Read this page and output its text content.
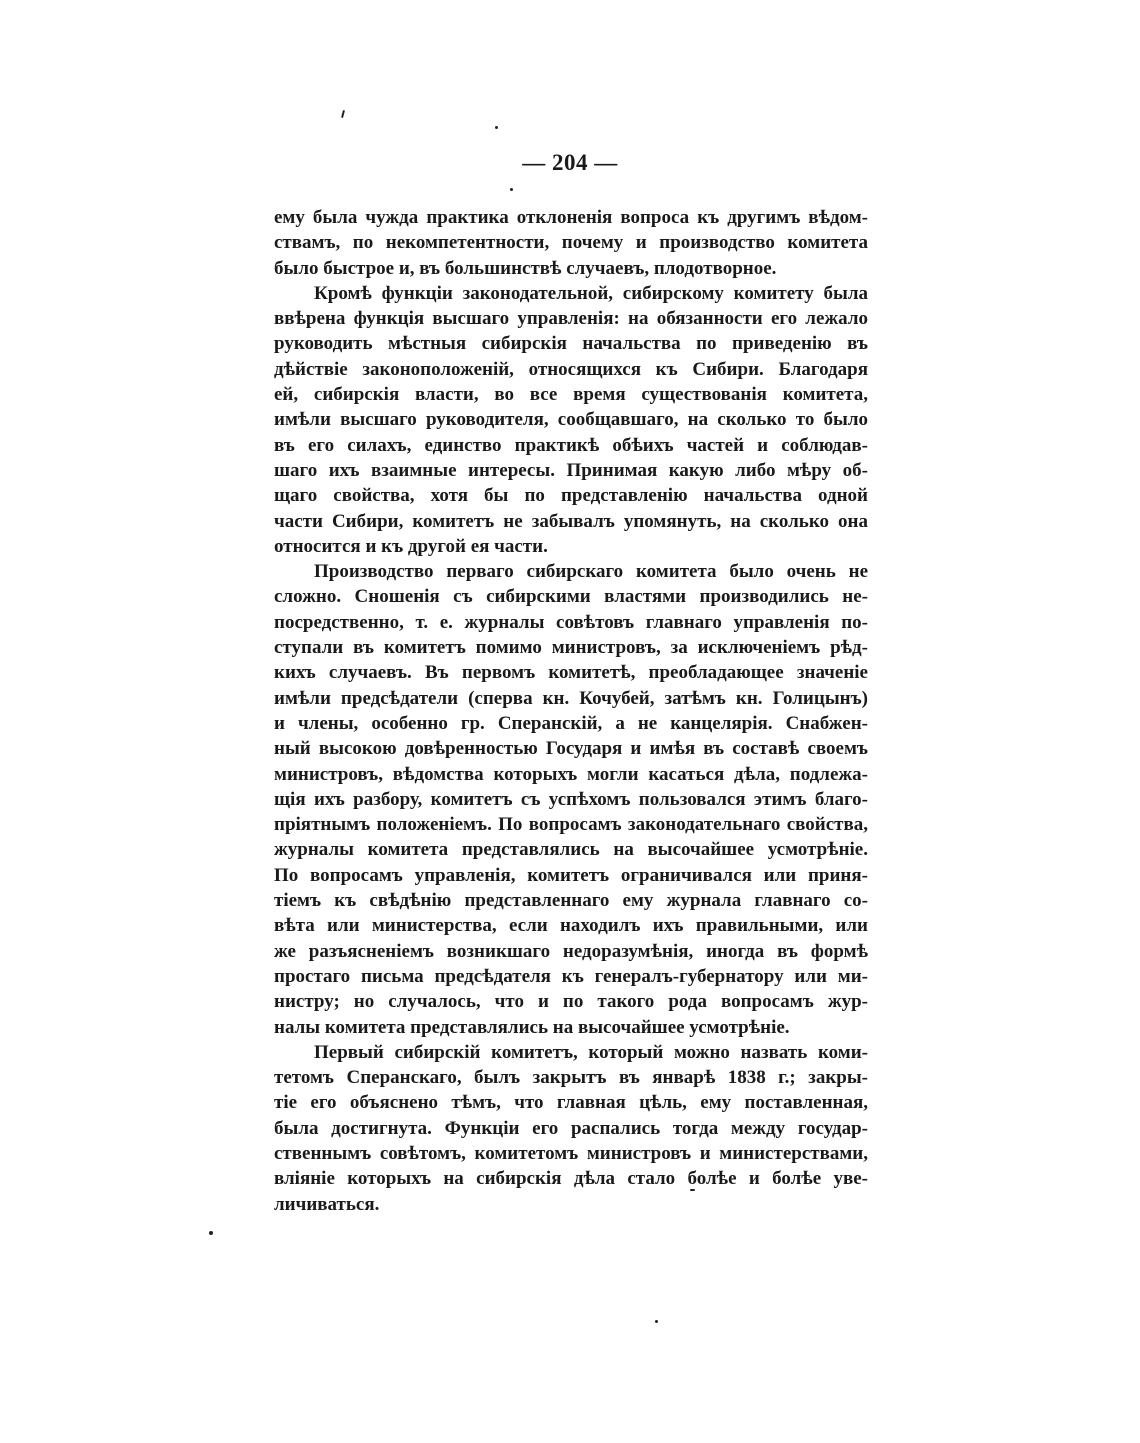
— 204 —
ему была чужда практика отклоненія вопроса къ другимъ вѣдом-
ствамъ, по некомпетентности, почему и производство комитета
было быстрое и, въ большинствѣ случаевъ, плодотворное.
Кромѣ функціи законодательной, сибирскому комитету была
ввѣрена функція высшаго управленія: на обязанности его лежало
руководить мѣстныя сибирскія начальства по приведенію въ
дѣйствіе законоположеній, относящихся къ Сибири. Благодаря
ей, сибирскія власти, во все время существованія комитета,
имѣли высшаго руководителя, сообщавшаго, на сколько то было
въ его силахъ, единство практикѣ обѣихъ частей и соблюдав-
шаго ихъ взаимные интересы. Принимая какую либо мѣру об-
щаго свойства, хотя бы по представленію начальства одной
части Сибири, комитетъ не забывалъ упомянуть, на сколько она
относится и къ другой ея части.
Производство перваго сибирскаго комитета было очень не
сложно. Сношенія съ сибирскими властями производились не-
посредственно, т. е. журналы совѣтовъ главнаго управленія по-
ступали въ комитетъ помимо министровъ, за исключеніемъ рѣд-
кихъ случаевъ. Въ первомъ комитетѣ, преобладающее значеніе
имѣли предсѣдатели (сперва кн. Кочубей, затѣмъ кн. Голицынъ)
и члены, особенно гр. Сперанскій, а не канцелярія. Снабжен-
ный высокою довѣренностью Государя и имѣя въ составѣ своемъ
министровъ, вѣдомства которыхъ могли касаться дѣла, подлежа-
щія ихъ разбору, комитетъ съ успѣхомъ пользовался этимъ благо-
пріятнымъ положеніемъ. По вопросамъ законодательнаго свойства,
журналы комитета представлялись на высочайшее усмотрѣніе.
По вопросамъ управленія, комитетъ ограничивался или приня-
тіемъ къ свѣдѣнію представленнаго ему журнала главнаго со-
вѣта или министерства, если находилъ ихъ правильными, или
же разъясненіемъ возникшаго недоразумѣнія, иногда въ формѣ
простаго письма предсѣдателя къ генералъ-губернатору или ми-
нистру; но случалось, что и по такого рода вопросамъ жур-
налы комитета представлялись на высочайшее усмотрѣніе.
Первый сибирскій комитетъ, который можно назвать коми-
тетомъ Сперанскаго, былъ закрытъ въ январѣ 1838 г.; закры-
тіе его объяснено тѣмъ, что главная цѣль, ему поставленная,
была достигнута. Функціи его распались тогда между государ-
ственнымъ совѣтомъ, комитетомъ министровъ и министерствами,
вліяніе которыхъ на сибирскія дѣла стало болѣе и болѣе уве-
личиваться.
